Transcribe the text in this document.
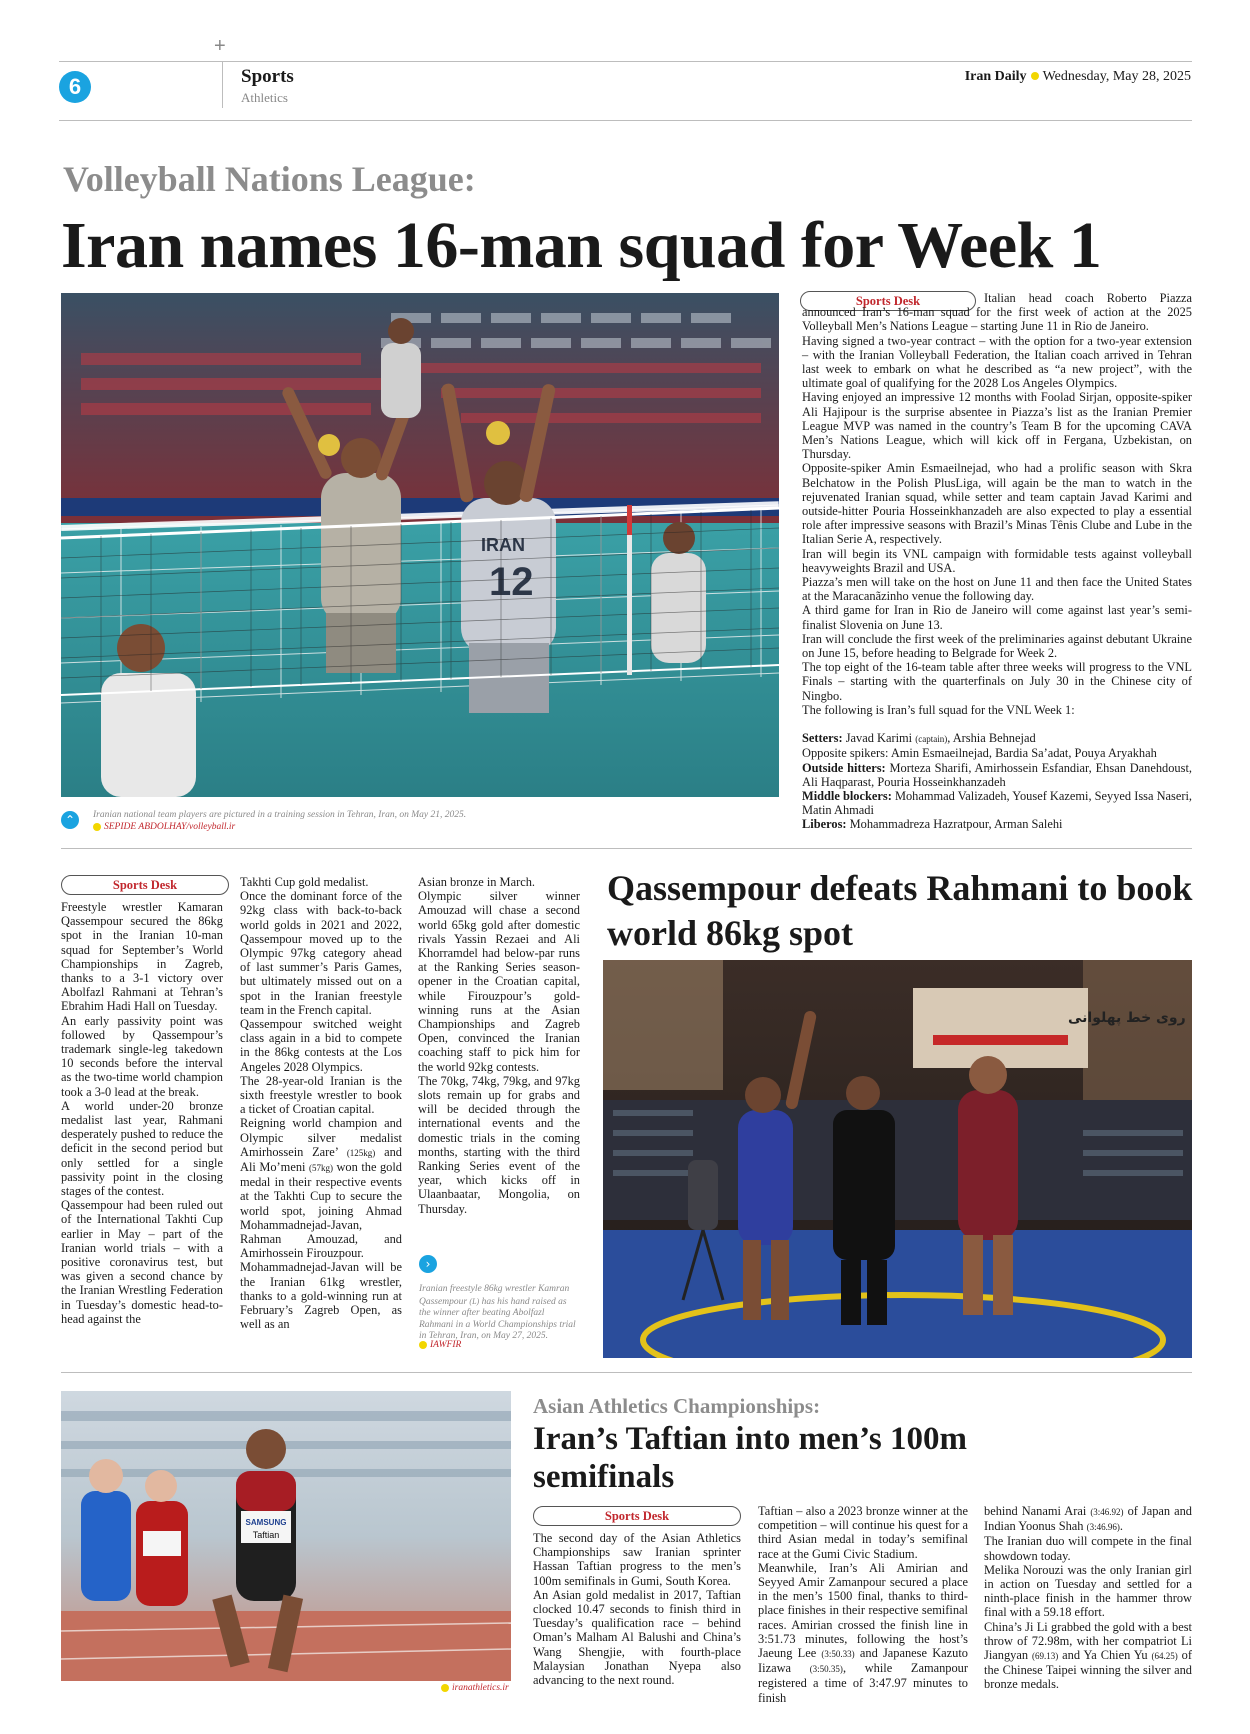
+
6	Sports
Athletics
Iran Daily Wednesday, May 28, 2025
Volleyball Nations League:
Iran names 16-man squad for Week 1
IRAN
12
⌃	Iranian national team players are pictured in a training session in Tehran, Iran, on May 21, 2025.
SEPIDE ABDOLHAY/volleyball.ir
Sports Desk	Italian head coach Roberto Piazza announced Iran’s 16-man squad for the first week of action at the 2025 Volleyball Men’s Nations League – starting June 11 in Rio de Janeiro.

Having signed a two-year contract – with the option for a two-year extension – with the Iranian Volleyball Federation, the Italian coach arrived in Tehran last week to embark on what he described as “a new project”, with the ultimate goal of qualifying for the 2028 Los Angeles Olympics.

Having enjoyed an impressive 12 months with Foolad Sirjan, opposite-spiker Ali Hajipour is the surprise absentee in Piazza’s list as the Iranian Premier League MVP was named in the country’s Team B for the upcoming CAVA Men’s Nations League, which will kick off in Fergana, Uzbekistan, on Thursday.

Opposite-spiker Amin Esmaeilnejad, who had a prolific season with Skra Belchatow in the Polish PlusLiga, will again be the man to watch in the rejuvenated Iranian squad, while setter and team captain Javad Karimi and outside-hitter Pouria Hosseinkhanzadeh are also expected to play a essential role after impressive seasons with Brazil’s Minas Tênis Clube and Lube in the Italian Serie A, respectively.

Iran will begin its VNL campaign with formidable tests against volleyball heavyweights Brazil and USA.

Piazza’s men will take on the host on June 11 and then face the United States at the Maracanãzinho venue the following day.

A third game for Iran in Rio de Janeiro will come against last year’s semi-finalist Slovenia on June 13.

Iran will conclude the first week of the preliminaries against debutant Ukraine on June 15, before heading to Belgrade for Week 2.

The top eight of the 16-team table after three weeks will progress to the VNL Finals – starting with the quarterfinals on July 30 in the Chinese city of Ningbo.

The following is Iran’s full squad for the VNL Week 1:

Setters: Javad Karimi (captain), Arshia Behnejad

Opposite spikers: Amin Esmaeilnejad, Bardia Sa’adat, Pouya Aryakhah

Outside hitters: Morteza Sharifi, Amirhossein Esfandiar, Ehsan Danehdoust, Ali Haqparast, Pouria Hosseinkhanzadeh

Middle blockers: Mohammad Valizadeh, Yousef Kazemi, Seyyed Issa Naseri, Matin Ahmadi

Liberos: Mohammadreza Hazratpour, Arman Salehi

Sports Desk

Freestyle wrestler Kamaran Qassempour secured the 86kg spot in the Iranian 10-man squad for September’s World Championships in Zagreb, thanks to a 3-1 victory over Abolfazl Rahmani at Tehran’s Ebrahim Hadi Hall on Tuesday.

An early passivity point was followed by Qassempour’s trademark single-leg takedown 10 seconds before the interval as the two-time world champion took a 3-0 lead at the break.

A world under-20 bronze medalist last year, Rahmani desperately pushed to reduce the deficit in the second period but only settled for a single passivity point in the closing stages of the contest.

Qassempour had been ruled out of the International Takhti Cup earlier in May – part of the Iranian world trials – with a positive coronavirus test, but was given a second chance by the Iranian Wrestling Federation in Tuesday’s domestic head-to-head against the

Takhti Cup gold medalist.

Once the dominant force of the 92kg class with back-to-back world golds in 2021 and 2022, Qassempour moved up to the Olympic 97kg category ahead of last summer’s Paris Games, but ultimately missed out on a spot in the Iranian freestyle team in the French capital.

Qassempour switched weight class again in a bid to compete in the 86kg contests at the Los Angeles 2028 Olympics.

The 28-year-old Iranian is the sixth freestyle wrestler to book a ticket of Croatian capital.

Reigning world champion and Olympic silver medalist Amirhossein Zare’ (125kg) and Ali Mo’meni (57kg) won the gold medal in their respective events at the Takhti Cup to secure the world spot, joining Ahmad Mohammadnejad-Javan, Rahman Amouzad, and Amirhossein Firouzpour.

Mohammadnejad-Javan will be the Iranian 61kg wrestler, thanks to a gold-winning run at February’s Zagreb Open, as well as an

Asian bronze in March.

Olympic silver winner Amouzad will chase a second world 65kg gold after domestic rivals Yassin Rezaei and Ali Khorramdel had below-par runs at the Ranking Series season-opener in the Croatian capital, while Firouzpour’s gold-winning runs at the Asian Championships and Zagreb Open, convinced the Iranian coaching staff to pick him for the world 92kg contests.

The 70kg, 74kg, 79kg, and 97kg slots remain up for grabs and will be decided through the international events and the domestic trials in the coming months, starting with the third Ranking Series event of the year, which kicks off in Ulaanbaatar, Mongolia, on Thursday.

›
Iranian freestyle 86kg wrestler Kamran Qassempour (L) has his hand raised as the winner after beating Abolfazl Rahmani in a World Championships trial in Tehran, Iran, on May 27, 2025.
IAWFIR
Qassempour defeats Rahmani to book world 86kg spot
روی خط پهلوانی
SAMSUNG
Taftian
iranathletics.ir
Asian Athletics Championships:
Iran’s Taftian into men’s 100m semifinals
Sports Desk

The second day of the Asian Athletics Championships saw Iranian sprinter Hassan Taftian progress to the men’s 100m semifinals in Gumi, South Korea.

An Asian gold medalist in 2017, Taftian clocked 10.47 seconds to finish third in Tuesday’s qualification race – behind Oman’s Malham Al Balushi and China’s Wang Shengjie, with fourth-place Malaysian Jonathan Nyepa also advancing to the next round.

Taftian – also a 2023 bronze winner at the competition – will continue his quest for a third Asian medal in today’s semifinal race at the Gumi Civic Stadium.

Meanwhile, Iran’s Ali Amirian and Seyyed Amir Zamanpour secured a place in the men’s 1500 final, thanks to third-place finishes in their respective semifinal races. Amirian crossed the finish line in 3:51.73 minutes, following the host’s Jaeung Lee (3:50.33) and Japanese Kazuto Iizawa (3:50.35), while Zamanpour registered a time of 3:47.97 minutes to finish

behind Nanami Arai (3:46.92) of Japan and Indian Yoonus Shah (3:46.96).

The Iranian duo will compete in the final showdown today.

Melika Norouzi was the only Iranian girl in action on Tuesday and settled for a ninth-place finish in the hammer throw final with a 59.18 effort.

China’s Ji Li grabbed the gold with a best throw of 72.98m, with her compatriot Li Jiangyan (69.13) and Ya Chien Yu (64.25) of the Chinese Taipei winning the silver and bronze medals.
